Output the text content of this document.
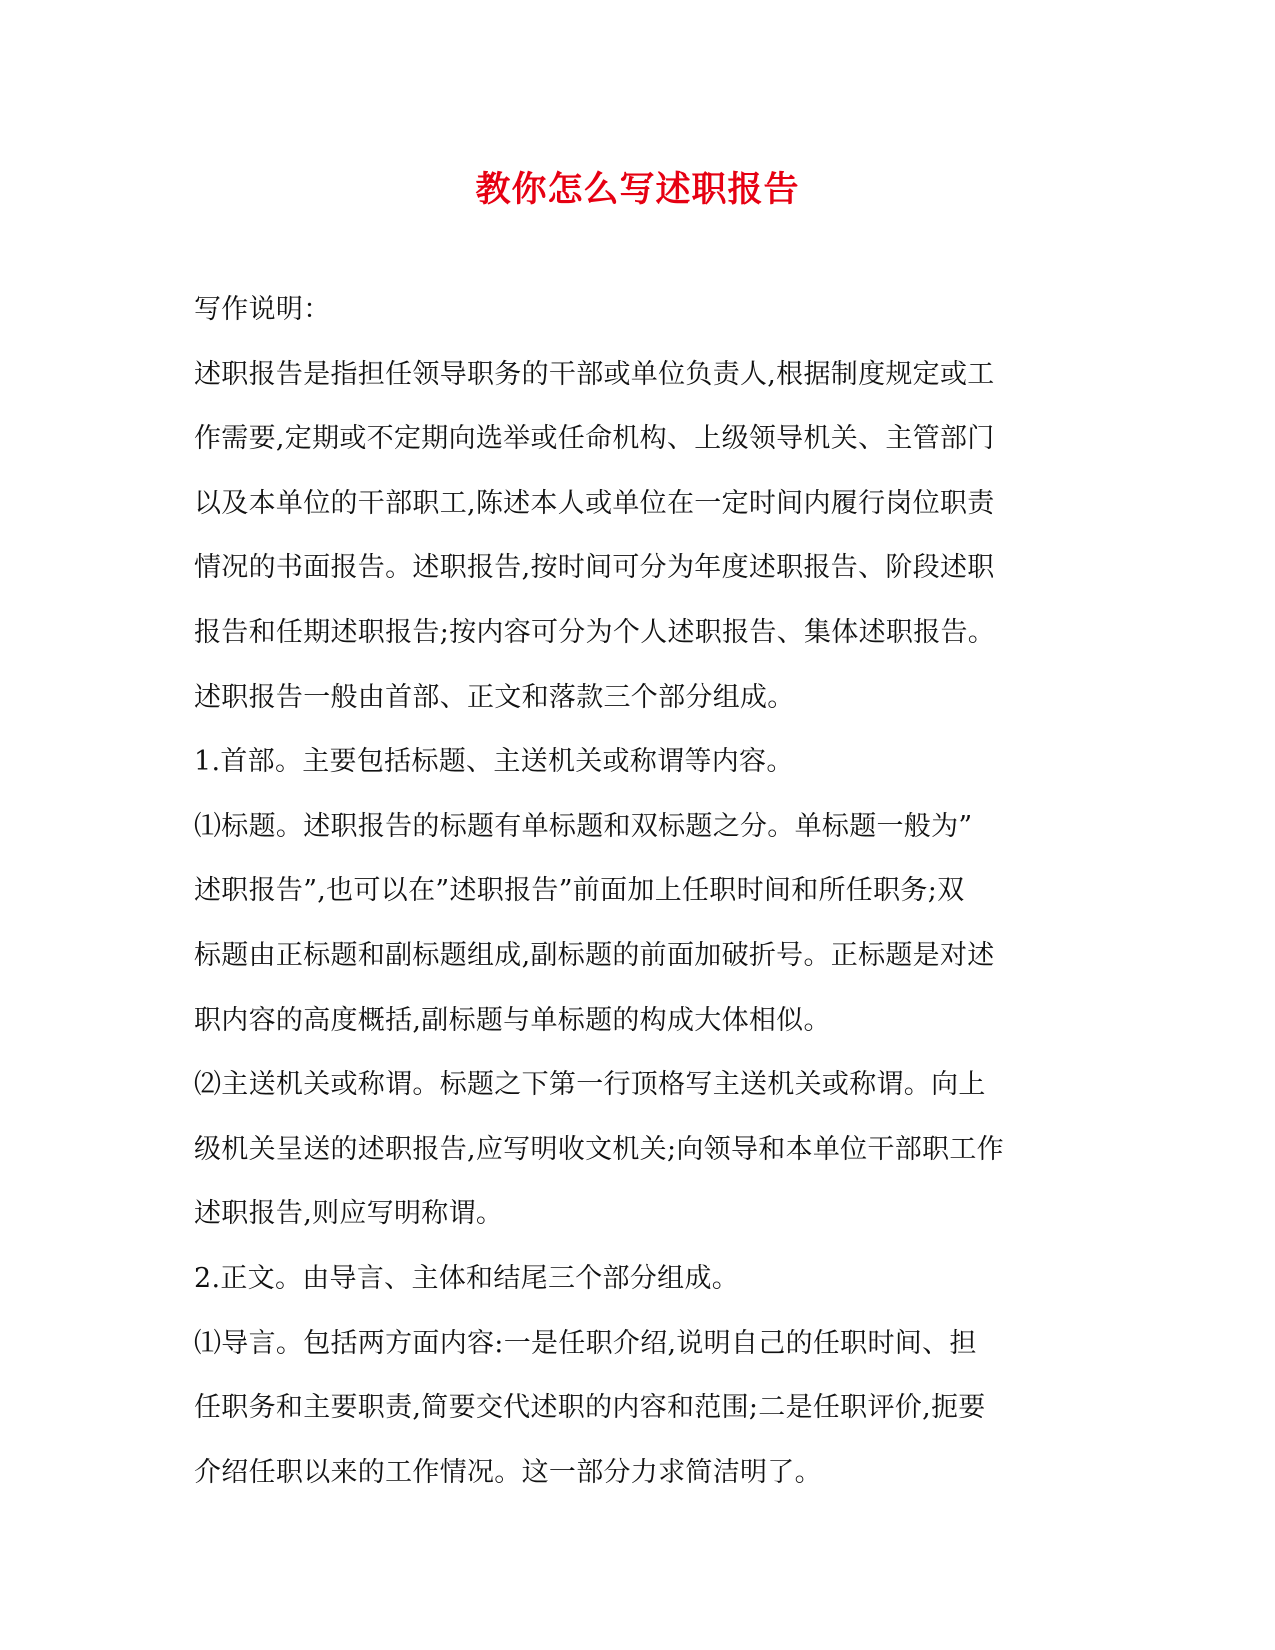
教你怎么写述职报告
写作说明：
述职报告是指担任领导职务的干部或单位负责人,根据制度规定或工
作需要,定期或不定期向选举或任命机构、上级领导机关、主管部门
以及本单位的干部职工,陈述本人或单位在一定时间内履行岗位职责
情况的书面报告。述职报告,按时间可分为年度述职报告、阶段述职
报告和任期述职报告;按内容可分为个人述职报告、集体述职报告。
述职报告一般由首部、正文和落款三个部分组成。
1.首部。主要包括标题、主送机关或称谓等内容。
⑴标题。述职报告的标题有单标题和双标题之分。单标题一般为”
述职报告”,也可以在”述职报告”前面加上任职时间和所任职务;双
标题由正标题和副标题组成,副标题的前面加破折号。正标题是对述
职内容的高度概括,副标题与单标题的构成大体相似。
⑵主送机关或称谓。标题之下第一行顶格写主送机关或称谓。向上
级机关呈送的述职报告,应写明收文机关;向领导和本单位干部职工作
述职报告,则应写明称谓。
2.正文。由导言、主体和结尾三个部分组成。
⑴导言。包括两方面内容:一是任职介绍,说明自己的任职时间、担
任职务和主要职责,简要交代述职的内容和范围;二是任职评价,扼要
介绍任职以来的工作情况。这一部分力求简洁明了。
